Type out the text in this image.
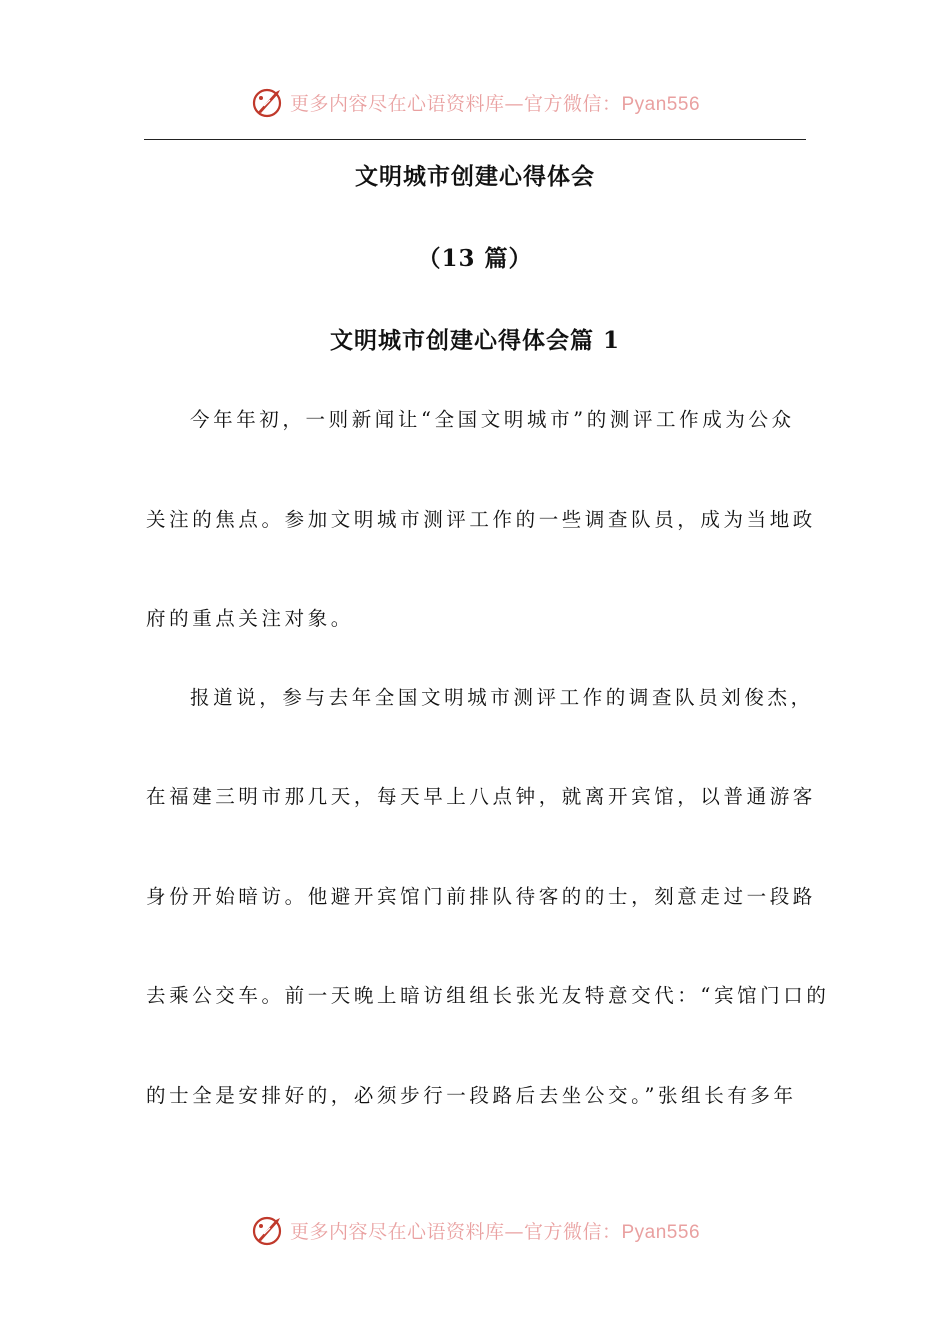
更多内容尽在心语资料库—官方微信：Pyan556
文明城市创建心得体会
（13 篇）
文明城市创建心得体会篇 1
今年年初，一则新闻让“全国文明城市”的测评工作成为公众
关注的焦点。参加文明城市测评工作的一些调查队员，成为当地政
府的重点关注对象。
报道说，参与去年全国文明城市测评工作的调查队员刘俊杰，
在福建三明市那几天，每天早上八点钟，就离开宾馆，以普通游客
身份开始暗访。他避开宾馆门前排队待客的的士，刻意走过一段路
去乘公交车。前一天晚上暗访组组长张光友特意交代：“宾馆门口的
的士全是安排好的，必须步行一段路后去坐公交。”张组长有多年
更多内容尽在心语资料库—官方微信：Pyan556
